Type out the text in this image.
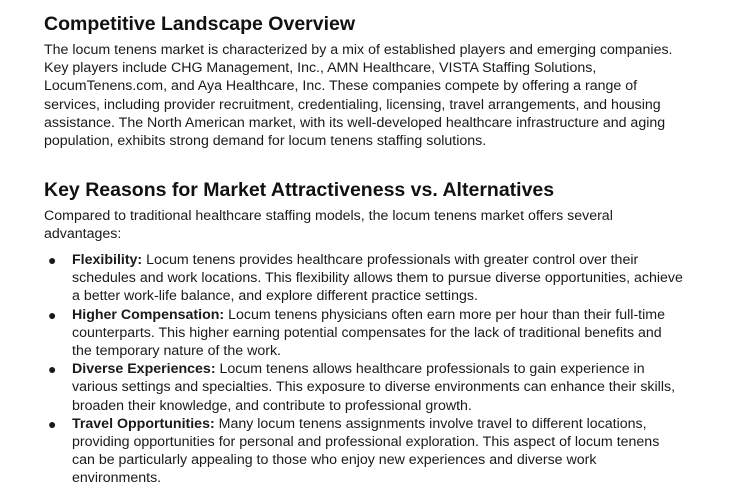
Competitive Landscape Overview

The locum tenens market is characterized by a mix of established players and emerging companies. Key players include CHG Management, Inc., AMN Healthcare, VISTA Staffing Solutions, LocumTenens.com, and Aya Healthcare, Inc. These companies compete by offering a range of services, including provider recruitment, credentialing, licensing, travel arrangements, and housing assistance. The North American market, with its well-developed healthcare infrastructure and aging population, exhibits strong demand for locum tenens staffing solutions.

Key Reasons for Market Attractiveness vs. Alternatives

Compared to traditional healthcare staffing models, the locum tenens market offers several advantages:

● Flexibility: Locum tenens provides healthcare professionals with greater control over their schedules and work locations. This flexibility allows them to pursue diverse opportunities, achieve a better work-life balance, and explore different practice settings.
● Higher Compensation: Locum tenens physicians often earn more per hour than their full-time counterparts. This higher earning potential compensates for the lack of traditional benefits and the temporary nature of the work.
● Diverse Experiences: Locum tenens allows healthcare professionals to gain experience in various settings and specialties. This exposure to diverse environments can enhance their skills, broaden their knowledge, and contribute to professional growth.
● Travel Opportunities: Many locum tenens assignments involve travel to different locations, providing opportunities for personal and professional exploration. This aspect of locum tenens can be particularly appealing to those who enjoy new experiences and diverse work environments.
